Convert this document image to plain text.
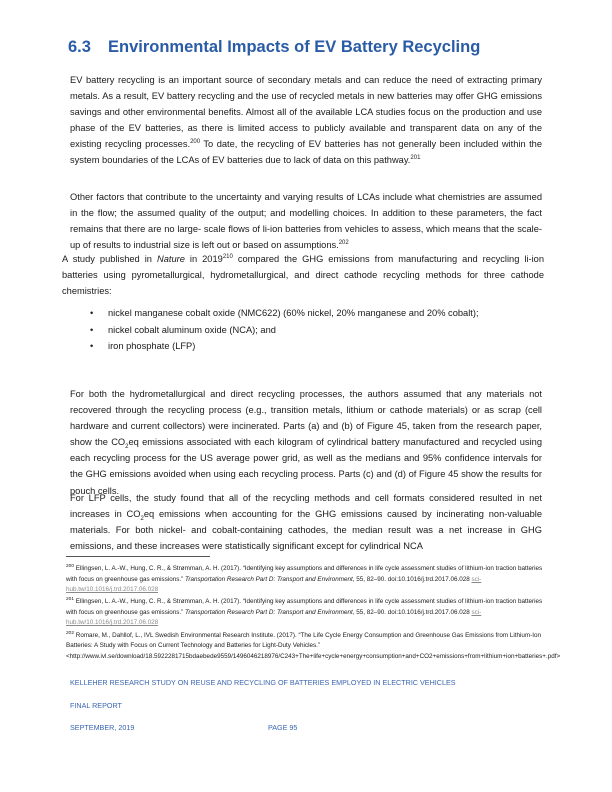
6.3 Environmental Impacts of EV Battery Recycling

EV battery recycling is an important source of secondary metals and can reduce the need of extracting primary metals. As a result, EV battery recycling and the use of recycled metals in new batteries may offer GHG emissions savings and other environmental benefits. Almost all of the available LCA studies focus on the production and use phase of the EV batteries, as there is limited access to publicly available and transparent data on any of the existing recycling processes.$^{200}$ To date, the recycling of EV batteries has not generally been included within the system boundaries of the LCAs of EV batteries due to lack of data on this pathway.$^{201}$

Other factors that contribute to the uncertainty and varying results of LCAs include what chemistries are assumed in the flow; the assumed quality of the output; and modelling choices. In addition to these parameters, the fact remains that there are no large- scale flows of li-ion batteries from vehicles to assess, which means that the scale-up of results to industrial size is left out or based on assumptions.$^{202}$

A study published in Nature in 2019$^{210}$ compared the GHG emissions from manufacturing and recycling li-ion batteries using pyrometallurgical, hydrometallurgical, and direct cathode recycling methods for three cathode chemistries:

• nickel manganese cobalt oxide (NMC622) (60% nickel, 20% manganese and 20% cobalt);
• nickel cobalt aluminum oxide (NCA); and
• iron phosphate (LFP)

For both the hydrometallurgical and direct recycling processes, the authors assumed that any materials not recovered through the recycling process (e.g., transition metals, lithium or cathode materials) or as scrap (cell hardware and current collectors) were incinerated. Parts (a) and (b) of Figure 45, taken from the research paper, show the $CO_2eq$ emissions associated with each kilogram of cylindrical battery manufactured and recycled using each recycling process for the US average power grid, as well as the medians and 95% confidence intervals for the GHG emissions avoided when using each recycling process. Parts (c) and (d) of Figure 45 show the results for pouch cells.

For LFP cells, the study found that all of the recycling methods and cell formats considered resulted in net increases in $CO_2eq$ emissions when accounting for the GHG emissions caused by incinerating non-valuable materials. For both nickel- and cobalt-containing cathodes, the median result was a net increase in GHG emissions, and these increases were statistically significant except for cylindrical NCA

$^{200}$ Ellingsen, L. A.-W., Hung, C. R., & Strømman, A. H. (2017). “Identifying key assumptions and differences in life cycle assessment studies of lithium-ion traction batteries with focus on greenhouse gas emissions.” Transportation Research Part D: Transport and Environment, 55, 82–90. doi:10.1016/j.trd.2017.06.028 sci-hub.tw/10.1016/j.trd.2017.06.028

$^{201}$ Ellingsen, L. A.-W., Hung, C. R., & Strømman, A. H. (2017). “Identifying key assumptions and differences in life cycle assessment studies of lithium-ion traction batteries with focus on greenhouse gas emissions.” Transportation Research Part D: Transport and Environment, 55, 82–90. doi:10.1016/j.trd.2017.06.028 sci-hub.tw/10.1016/j.trd.2017.06.028

$^{202}$ Romare, M., Dahllof, L., IVL Swedish Environmental Research Institute. (2017). “The Life Cycle Energy Consumption and Greenhouse Gas Emissions from Lithium-Ion Batteries: A Study with Focus on Current Technology and Batteries for Light-Duty Vehicles.” <http://www.ivl.se/download/18.5922281715bdaebede9559/1496046218976/C243+The+life+cycle+energy+consumption+and+CO2+emissions+from+lithium+ion+batteries+.pdf>

KELLEHER RESEARCH STUDY ON REUSE AND RECYCLING OF BATTERIES EMPLOYED IN ELECTRIC VEHICLES

FINAL REPORT

SEPTEMBER, 2019	PAGE 95
